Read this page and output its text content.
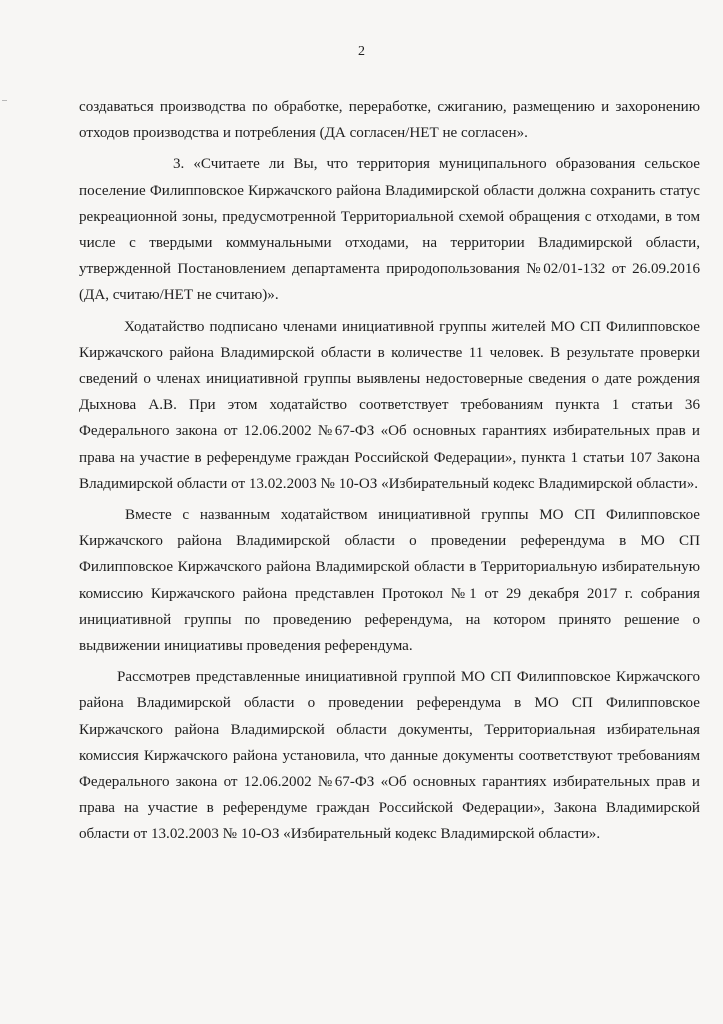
2

создаваться производства по обработке, переработке, сжиганию, размещению и захоронению отходов производства и потребления (ДА согласен/НЕТ не согласен».

3. «Считаете ли Вы, что территория муниципального образования сельское поселение Филипповское Киржачского района Владимирской области должна сохранить статус рекреационной зоны, предусмотренной Территориальной схемой обращения с отходами, в том числе с твердыми коммунальными отходами, на территории Владимирской области, утвержденной Постановлением департамента природопользования №02/01-132 от 26.09.2016 (ДА, считаю/НЕТ не считаю)».

Ходатайство подписано членами инициативной группы жителей МО СП Филипповское Киржачского района Владимирской области в количестве 11 человек. В результате проверки сведений о членах инициативной группы выявлены недостоверные сведения о дате рождения Дыхнова А.В. При этом ходатайство соответствует требованиям пункта 1 статьи 36 Федерального закона от 12.06.2002 №67-ФЗ «Об основных гарантиях избирательных прав и права на участие в референдуме граждан Российской Федерации», пункта 1 статьи 107 Закона Владимирской области от 13.02.2003 № 10-ОЗ «Избирательный кодекс Владимирской области».

Вместе с названным ходатайством инициативной группы МО СП Филипповское Киржачского района Владимирской области о проведении референдума в МО СП Филипповское Киржачского района Владимирской области в Территориальную избирательную комиссию Киржачского района представлен Протокол №1 от 29 декабря 2017 г. собрания инициативной группы по проведению референдума, на котором принято решение о выдвижении инициативы проведения референдума.

Рассмотрев представленные инициативной группой МО СП Филипповское Киржачского района Владимирской области о проведении референдума в МО СП Филипповское Киржачского района Владимирской области документы, Территориальная избирательная комиссия Киржачского района установила, что данные документы соответствуют требованиям Федерального закона от 12.06.2002 №67-ФЗ «Об основных гарантиях избирательных прав и права на участие в референдуме граждан Российской Федерации», Закона Владимирской области от 13.02.2003 № 10-ОЗ «Избирательный кодекс Владимирской области».
